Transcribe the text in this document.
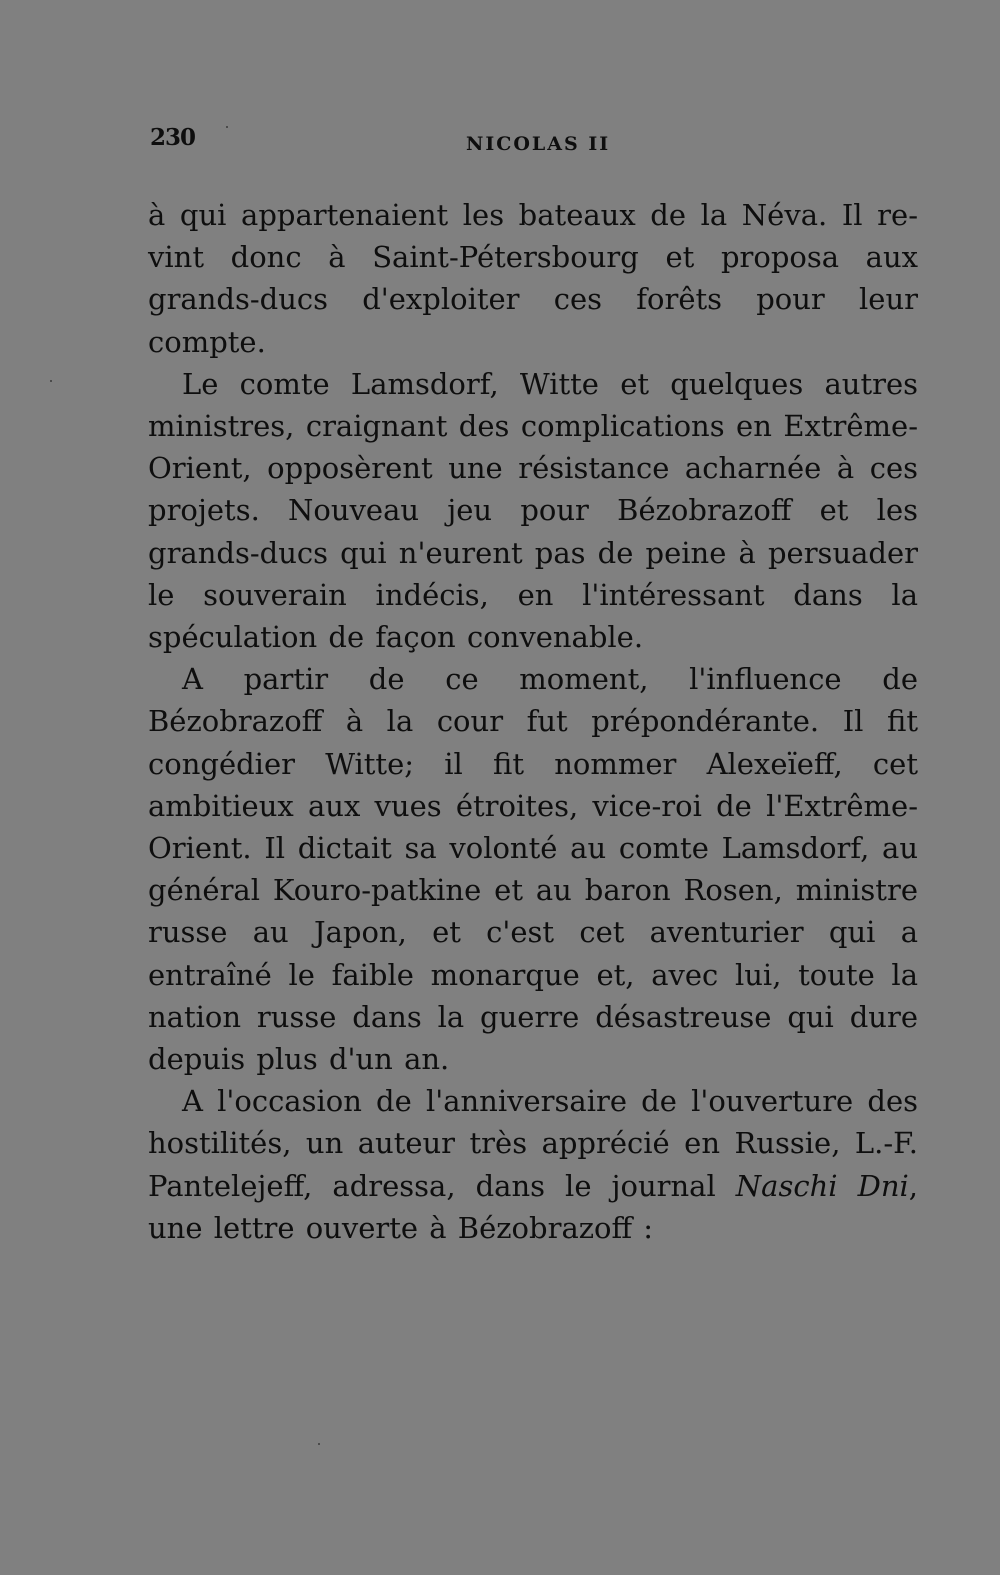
230	NICOLAS II

à qui appartenaient les bateaux de la Néva. Il re-vint donc à Saint-Pétersbourg et proposa aux grands-ducs d'exploiter ces forêts pour leur compte.

Le comte Lamsdorf, Witte et quelques autres ministres, craignant des complications en Extrême-Orient, opposèrent une résistance acharnée à ces projets. Nouveau jeu pour Bézobrazoff et les grands-ducs qui n'eurent pas de peine à persuader le souverain indécis, en l'intéressant dans la spéculation de façon convenable.

A partir de ce moment, l'influence de Bézobrazoff à la cour fut prépondérante. Il fit congédier Witte; il fit nommer Alexeïeff, cet ambitieux aux vues étroites, vice-roi de l'Extrême-Orient. Il dictait sa volonté au comte Lamsdorf, au général Kouro-patkine et au baron Rosen, ministre russe au Japon, et c'est cet aventurier qui a entraîné le faible monarque et, avec lui, toute la nation russe dans la guerre désastreuse qui dure depuis plus d'un an.

A l'occasion de l'anniversaire de l'ouverture des hostilités, un auteur très apprécié en Russie, L.-F. Pantelejeff, adressa, dans le journal Naschi Dni, une lettre ouverte à Bézobrazoff :
